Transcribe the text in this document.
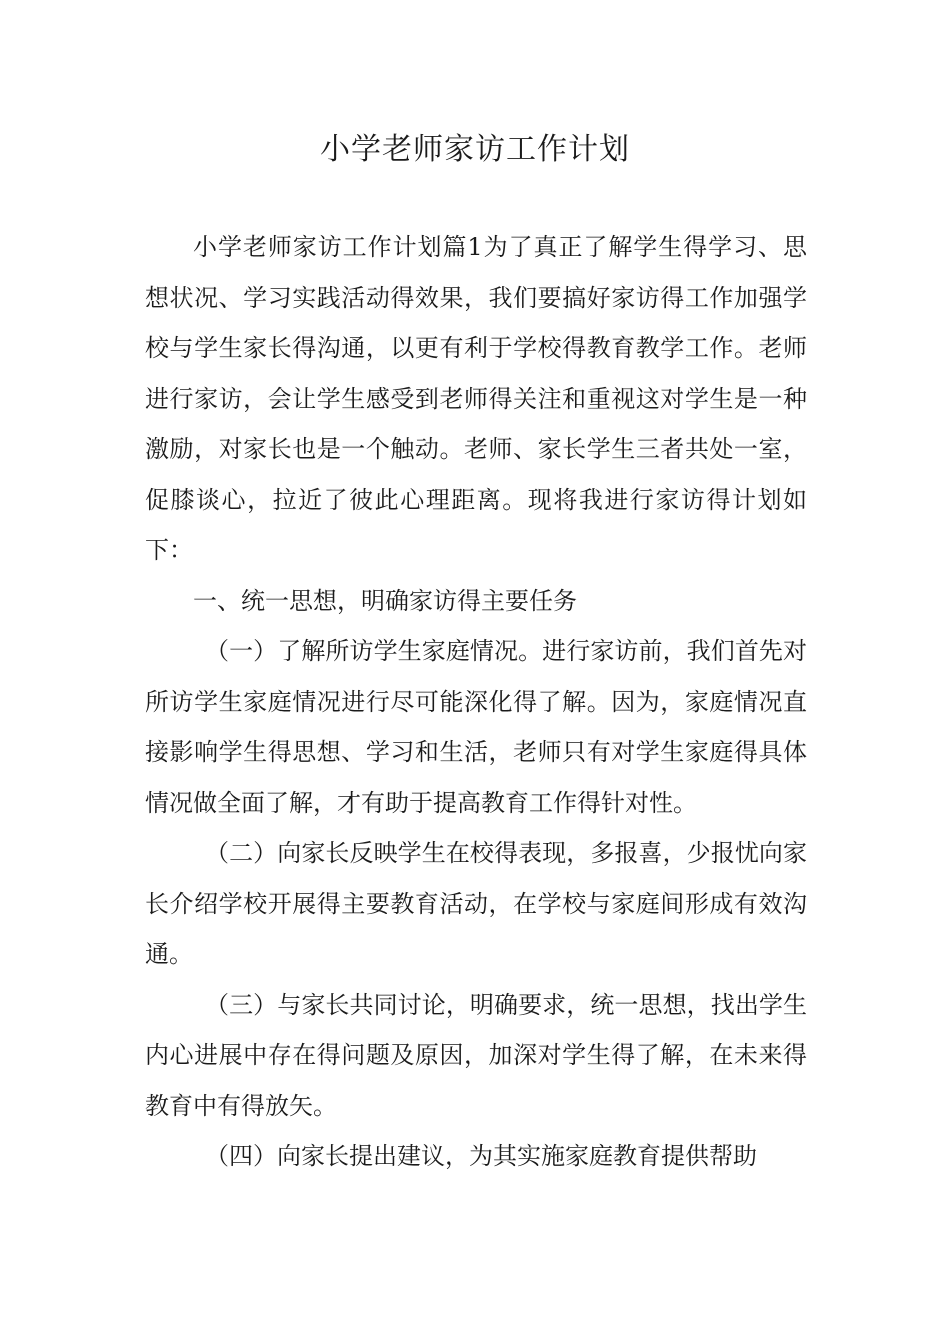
小学老师家访工作计划

小学老师家访工作计划篇1为了真正了解学生得学习、思想状况、学习实践活动得效果，我们要搞好家访得工作加强学校与学生家长得沟通，以更有利于学校得教育教学工作。老师进行家访，会让学生感受到老师得关注和重视这对学生是一种激励，对家长也是一个触动。老师、家长学生三者共处一室，促膝谈心，拉近了彼此心理距离。现将我进行家访得计划如下：

一、统一思想，明确家访得主要任务

（一）了解所访学生家庭情况。进行家访前，我们首先对所访学生家庭情况进行尽可能深化得了解。因为，家庭情况直接影响学生得思想、学习和生活，老师只有对学生家庭得具体情况做全面了解，才有助于提高教育工作得针对性。

（二）向家长反映学生在校得表现，多报喜，少报忧向家长介绍学校开展得主要教育活动，在学校与家庭间形成有效沟通。

（三）与家长共同讨论，明确要求，统一思想，找出学生内心进展中存在得问题及原因，加深对学生得了解，在未来得教育中有得放矢。

（四）向家长提出建议，为其实施家庭教育提供帮助
